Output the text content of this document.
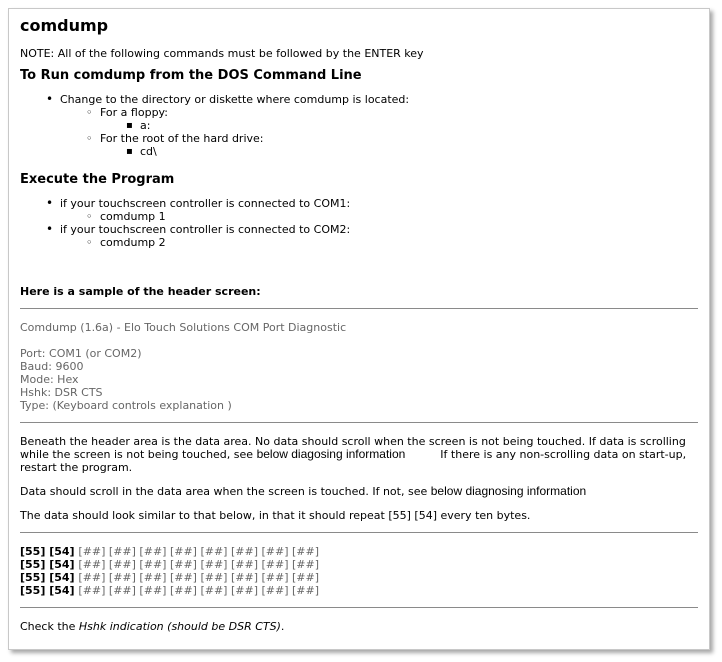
comdump

NOTE: All of the following commands must be followed by the ENTER key

To Run comdump from the DOS Command Line
• Change to the directory or diskette where comdump is located:
◦ For a floppy:
▪ a:
◦ For the root of the hard drive:
▪ cd\
Execute the Program
• if your touchscreen controller is connected to COM1:
◦ comdump 1
• if your touchscreen controller is connected to COM2:
◦ comdump 2

Here is a sample of the header screen:

Comdump (1.6a) - Elo Touch Solutions COM Port Diagnostic

Port: COM1 (or COM2)

Baud: 9600

Mode: Hex

Hshk: DSR CTS

Type: (Keyboard controls explanation )

Beneath the header area is the data area. No data should scroll when the screen is not being touched. If data is scrolling while the screen is not being touched, see below diagosing information	If there is any non-scrolling data on start-up, restart the program.

Data should scroll in the data area when the screen is touched. If not, see below diagnosing information

The data should look similar to that below, in that it should repeat [55] [54] every ten bytes.

[55] [54] [##] [##] [##] [##] [##] [##] [##] [##]
[55] [54] [##] [##] [##] [##] [##] [##] [##] [##]
[55] [54] [##] [##] [##] [##] [##] [##] [##] [##]
[55] [54] [##] [##] [##] [##] [##] [##] [##] [##]

Check the Hshk indication (should be DSR CTS).
